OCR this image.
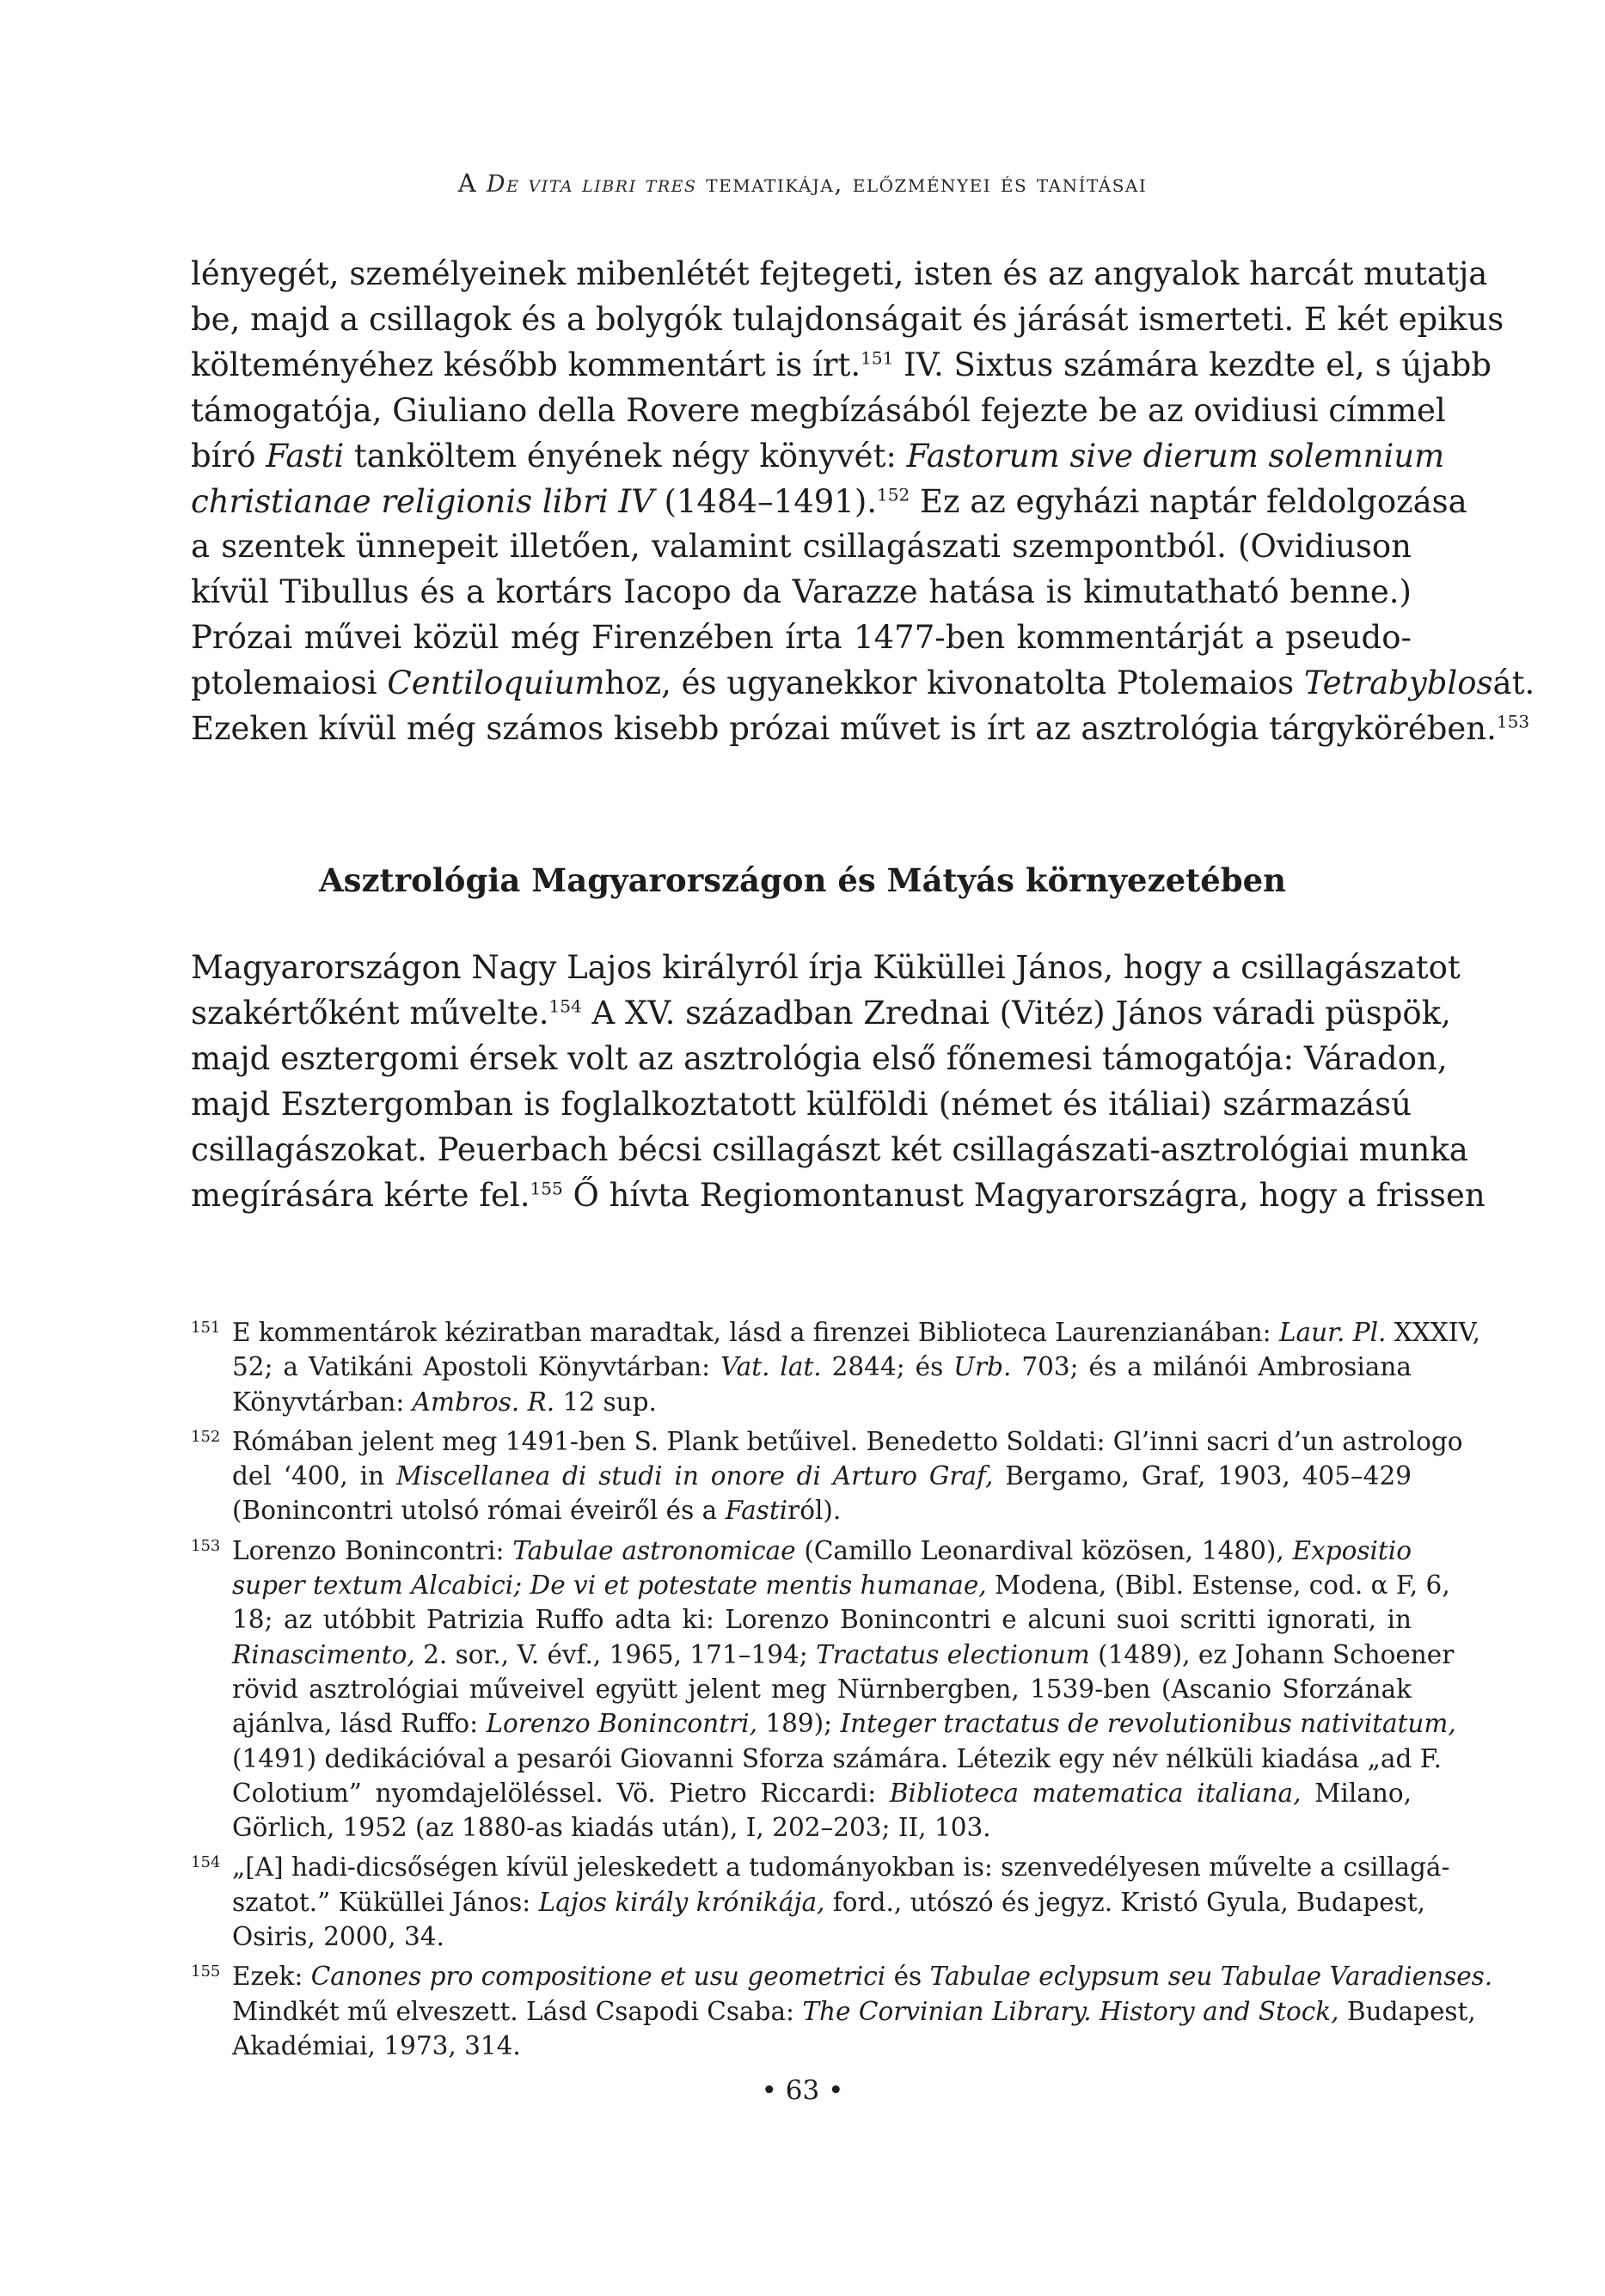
A De vita libri tres tematikája, előzményei és tanításai

lényegét, személyeinek mibenlétét fejtegeti, isten és az angyalok harcát mutatja
be, majd a csillagok és a bolygók tulajdonságait és járását ismerteti. E két epikus
költeményéhez később kommentárt is írt.$^{151}$ IV. Sixtus számára kezdte el, s újabb
támogatója, Giuliano della Rovere megbízásából fejezte be az ovidiusi címmel
bíró Fasti tanköltem ényének négy könyvét: Fastorum sive dierum solemnium
christianae religionis libri IV (1484–1491).$^{152}$ Ez az egyházi naptár feldolgozása
a szentek ünnepeit illetően, valamint csillagászati szempontból. (Ovidiuson
kívül Tibullus és a kortárs Iacopo da Varazze hatása is kimutatható benne.)
Prózai művei közül még Firenzében írta 1477-ben kommentárját a pseudo-
ptolemaiosi Centiloquiumhoz, és ugyanekkor kivonatolta Ptolemaios Tetrabyblosát.
Ezeken kívül még számos kisebb prózai művet is írt az asztrológia tárgykörében.$^{153}$

Asztrológia Magyarországon és Mátyás környezetében

Magyarországon Nagy Lajos királyról írja Küküllei János, hogy a csillagászatot
szakértőként művelte.$^{154}$ A XV. században Zrednai (Vitéz) János váradi püspök,
majd esztergomi érsek volt az asztrológia első főnemesi támogatója: Váradon,
majd Esztergomban is foglalkoztatott külföldi (német és itáliai) származású
csillagászokat. Peuerbach bécsi csillagászt két csillagászati-asztrológiai munka
megírására kérte fel.$^{155}$ Ő hívta Regiomontanust Magyarországra, hogy a frissen

151 E kommentárok kéziratban maradtak, lásd a firenzei Biblioteca Laurenzianában: Laur. Pl. XXXIV,
52; a Vatikáni Apostoli Könyvtárban: Vat. lat. 2844; és Urb. 703; és a milánói Ambrosiana
Könyvtárban: Ambros. R. 12 sup.
152 Rómában jelent meg 1491-ben S. Plank betűivel. Benedetto Soldati: Gl’inni sacri d’un astrologo
del ‘400, in Miscellanea di studi in onore di Arturo Graf, Bergamo, Graf, 1903, 405–429
(Bonincontri utolsó római éveiről és a Fastiról).
153 Lorenzo Bonincontri: Tabulae astronomicae (Camillo Leonardival közösen, 1480), Expositio
super textum Alcabici; De vi et potestate mentis humanae, Modena, (Bibl. Estense, cod. α F, 6,
18; az utóbbit Patrizia Ruffo adta ki: Lorenzo Bonincontri e alcuni suoi scritti ignorati, in
Rinascimento, 2. sor., V. évf., 1965, 171–194; Tractatus electionum (1489), ez Johann Schoener
rövid asztrológiai műveivel együtt jelent meg Nürnbergben, 1539-ben (Ascanio Sforzának
ajánlva, lásd Ruffo: Lorenzo Bonincontri, 189); Integer tractatus de revolutionibus nativitatum,
(1491) dedikációval a pesarói Giovanni Sforza számára. Létezik egy név nélküli kiadása „ad F.
Colotium” nyomdajelöléssel. Vö. Pietro Riccardi: Biblioteca matematica italiana, Milano,
Görlich, 1952 (az 1880-as kiadás után), I, 202–203; II, 103.
154 „[A] hadi-dicsőségen kívül jeleskedett a tudományokban is: szenvedélyesen művelte a csillagá-
szatot.” Küküllei János: Lajos király krónikája, ford., utószó és jegyz. Kristó Gyula, Budapest,
Osiris, 2000, 34.
155 Ezek: Canones pro compositione et usu geometrici és Tabulae eclypsum seu Tabulae Varadienses.
Mindkét mű elveszett. Lásd Csapodi Csaba: The Corvinian Library. History and Stock, Budapest,
Akadémiai, 1973, 314.
• 63 •
